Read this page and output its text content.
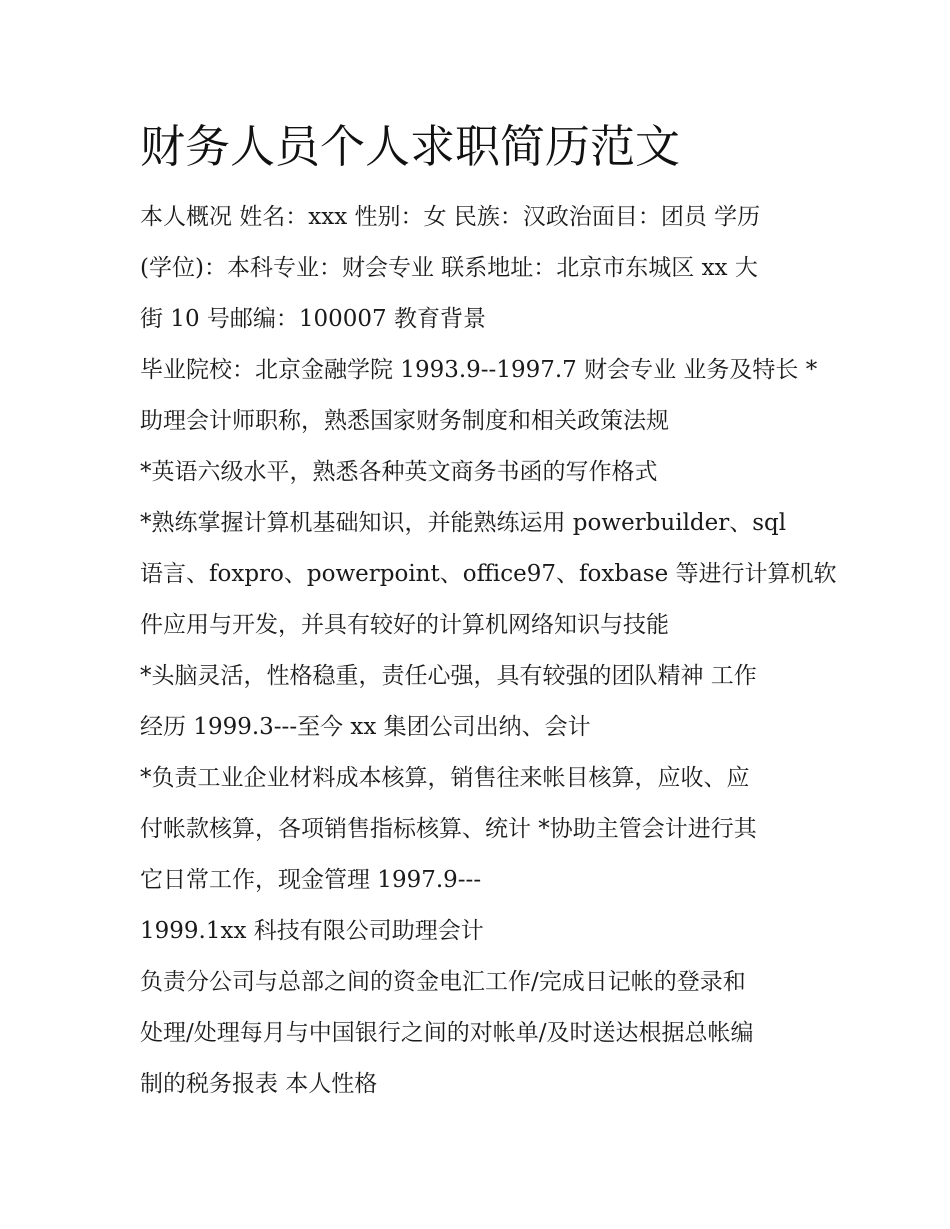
财务人员个人求职简历范文

本人概况 姓名：xxx 性别：女 民族：汉政治面目：团员 学历

(学位)：本科专业：财会专业 联系地址：北京市东城区 xx 大

街 10 号邮编：100007 教育背景

毕业院校：北京金融学院 1993.9--1997.7 财会专业 业务及特长 *

助理会计师职称，熟悉国家财务制度和相关政策法规

*英语六级水平，熟悉各种英文商务书函的写作格式

*熟练掌握计算机基础知识，并能熟练运用 powerbuilder、sql

语言、foxpro、powerpoint、office97、foxbase 等进行计算机软

件应用与开发，并具有较好的计算机网络知识与技能

*头脑灵活，性格稳重，责任心强，具有较强的团队精神 工作

经历 1999.3---至今 xx 集团公司出纳、会计

*负责工业企业材料成本核算，销售往来帐目核算，应收、应

付帐款核算，各项销售指标核算、统计 *协助主管会计进行其

它日常工作，现金管理 1997.9---

1999.1xx 科技有限公司助理会计

负责分公司与总部之间的资金电汇工作/完成日记帐的登录和

处理/处理每月与中国银行之间的对帐单/及时送达根据总帐编

制的税务报表 本人性格
